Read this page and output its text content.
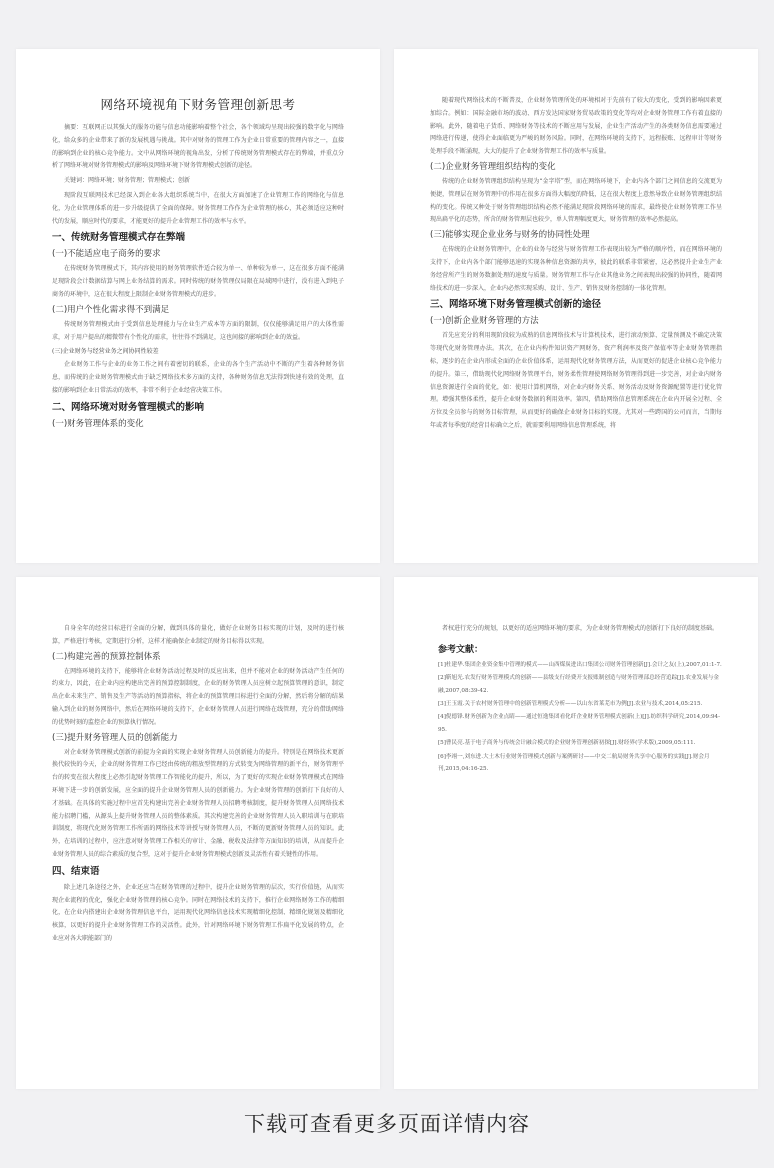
网络环境视角下财务管理创新思考

摘要：互联网正以其强大的服务功能与信息功能影响着整个社会，各个领域均呈现出较强的数字化与网络化，给众多的企业带来了新的发展机遇与挑战。其中对财务的管理工作为企业日常重要的管理内容之一，直接的影响到企业的核心竞争能力。文中从网络环境的视角出发，分析了传统财务管理模式存在的弊端，并重点分析了网络环境对财务管理模式的影响及网络环境下财务管理模式创新的途径。

关键词：网络环境；财务管理；管理模式；创新

现阶段互联网技术已经深入到企业各大组织系统当中，在很大方面加速了企业管理工作的网络化与信息化，为企业管理体系的进一步升级提供了全面的保障。财务管理工作作为企业管理的核心，其必须适应这种时代的发展，顺应时代的要求，才能更好的提升企业管理工作的效率与水平。

一、传统财务管理模式存在弊端
(一)不能适应电子商务的要求

在传统财务管理模式下，其内容使用的财务管理软件适合较为单一、单种较为单一，这在很多方面不能满足现阶段会计数据结算与网上业务结算的需求。同时传统的财务管理仅局限在局域网中进行，没有进入到电子商务的环境中，这在很大程度上限制企业财务管理模式的进步。

(二)用户个性化需求得不到满足

传统财务管理模式由于受到信息处理能力与企业生产成本等方面的限制，仅仅能够满足用户的大体性需求，对于用户提出的精微带有个性化的需求，往往得不到满足，这也间接的影响到企业的效益。

(三)企业财务与经营业务之间协同性较差

企业财务工作与企业的业务工作之间有着密切的联系，企业的各个生产活动中不断的产生着各种财务信息，而传统的企业财务管理模式由于缺乏网络技术多方面的支持，各种财务信息无法得到快速有效的处理，直接的影响到企业日常活动的效率，非常不利于企业经营决策工作。

二、网络环境对财务管理模式的影响
(一)财务管理体系的变化

随着现代网络技术的不断普及，企业财务管理所处的环境相对于先前有了较大的变化，受到的影响因素更加综合。例如：国际金融市场的波动、西方发达国家财务贸易政策的变化等均对企业财务管理工作有着直接的影响。此外，随着电子货币、网络财务等技术的不断应用与发展，企业生产活动产生的各类财务信息需要通过网络进行传递，使得企业面临更为严峻的财务风险。同时，在网络环境的支持下，远程报账、远程审计等财务处理手段不断涌现，大大的提升了企业财务管理工作的效率与质量。

(二)企业财务管理组织结构的变化

传统的企业财务管理组织结构呈现为“金字塔”型，而在网络环境下，企业内各个部门之间信息的交流更为便捷，管理层在财务管理中的作用在很多方面得大幅度的降低，这在很大程度上意然导致企业财务管理组织结构的变化。传统又种处于财务管理组织结构必然不能满足现阶段网络环境的需求，最终使企业财务管理工作呈现出扁平化的态势，所含的财务管理层也较少，单人管理幅度更大，财务管理的效率必然提高。

(三)能够实现企业业务与财务的协同性处理

在传统的企业财务管理中，企业的业务与经营与财务管理工作表现出较为严格的顺序性，而在网络环境的支持下，企业内各个部门能够迅速的实现各种信息资源的共享，彼此的联系非常紧密，这必然提升企业生产业务经营所产生的财务数据处理的速度与质量。财务管理工作与企业其他业务之间表现出较强的协同性，随着网络技术的进一步深入，企业内必然实现采购、设计、生产、销售及财务控制的一体化管理。

三、网络环境下财务管理模式创新的途径
(一)创新企业财务管理的方法

首先应充分的利用现阶段较为成熟的信息网络技术与计算机技术，进行滚动预算、定量预测及不确定决策等现代化财务管理办法。其次，在企业内构件知识资产网财务，资产利润率及资产保值率等企业财务管理指标，逐步的在企业内形成全面的企业价值体系，运用现代化财务管理方法，从而更好的促进企业核心竞争能力的提升。第三，借助现代化网络财务管理平台，财务柔性管理使网络财务管理得到进一步完善，对企业内财务信息资源进行全面的优化，如：使用计算机网络，对企业内财务关系、财务活动及财务资源配置等进行优化管理。增强其整体柔性，提升企业财务数据的利用效率。第四，借助网络信息管理系统在企业内开展全过程、全方位及全员参与的财务目标管理，从而更好的确保企业财务目标的实现。尤其对一些跨国的公司而言，当期每年或者每季度的经营目标确立之后，就需要利用网络信息管理系统，将

自身全年的经营目标进行全面的分解，做到具体的量化，做好企业财务目标实现的计划，及时的进行核算，严格进行考核，定期进行分析，这样才能确保企业制定的财务目标得以实现。

(二)构建完善的预算控制体系

在网络环境的支持下，能够将企业财务活动过程及时的反应出来，但并不能对企业的财务活动产生任何的约束力，因此，在企业内应构建出完善的预算控制制度，企业的财务管理人员应树立起预算管理的意识，制定出企业未来生产、销售及生产等活动的预算指标，将企业的预算管理目标进行全面的分解，然后将分解的结果输入到企业的财务网络中，然后在网络环境的支持下，企业财务管理人员进行网络在线管理，充分的借助网络的优势时刻的监控企业的预算执行情况。

(三)提升财务管理人员的创新能力

对企业财务管理模式创新的前提为全面的实现企业财务管理人员创新能力的提升。特别是在网络技术更新换代较快的今天，企业的财务管理工作已经由传统的粗放型管理的方式转变为网络管理的新平台，财务管理平台的转变在很大程度上必然引起财务管理工作智能化的提升，所以，为了更好的实现企业财务管理模式在网络环境下进一步的创新发展，应全面的提升企业财务管理人员的创新能力。为企业财务管理的创新打下良好的人才基础。在具体的实施过程中应首先构建出完善企业财务管理人员招聘考核制度，提升财务管理人员网络技术能力招聘门槛，从源头上提升财务管理人员的整体素质。其次构建完善的企业财务管理人员入职培训与在职培训制度，将现代化财务管理工作所需的网络技术等讲授与财务管理人员，不断的更新财务管理人员的知识。此外，在培训的过程中，应注意对财务管理工作相关的审计、金融、税收及法律等方面知识的培训，从而提升企业财务管理人员的综合素质的复合型，这对于提升企业财务管理模式创新及灵活性有着关键性的作用。

四、结束语

除上述几条途径之外，企业还应当在财务管理的过程中，提升企业财务管理的层次，实行价值链，从而实现企业流程的优化，强化企业财务管理的核心竞争。同时在网络技术的支持下，推行企业网络财务工作的精细化，在企业内搭建出企业财务管理信息平台，运用现代化网络信息技术实现精细化控制、精细化规划及精细化核算，以更好的提升企业财务管理工作的灵活性。此外，针对网络环境下财务管理工作扁平化发展的特点，企业应对各大职能部门的

者权进行充分的规划，以更好的适应网络环境的要求，为企业财务管理模式的创新打下良好的制度基础。

参考文献：
[1]杜建华.集团企业资金集中管理的模式——山西煤炭进出口集团公司财务管理创新[J].会计之友(上),2007,01:1-7.
[2]靳旭光.农发行财务管理模式的创新——县级支行经费开支报账制创造与财务管理部总经营追踪[J].农业发展与金融,2007,08:39-42.
[3]王玉霞.关于农村财务管理中的创新管理模式分析——以山东省莱芜市为例[J].农业与技术,2014,05:215.
[4]倪德锋.财务创新为企业点睛——通过恒逸集团看化纤企业财务管理模式创新(上)[J].纺织科学研究,2014,09:94-95.
[5]曹民亮.基于电子商务与传统会计融合模式的企业财务管理创新初探[J].财经界(学术版),2009,05:111.
[6]李翊一,刘东进.大土木行业财务管理模式创新与案例研讨——中交二航局财务共享中心服务的实践[J].财会月刊,2015,04:16-25.
下载可查看更多页面详情内容
